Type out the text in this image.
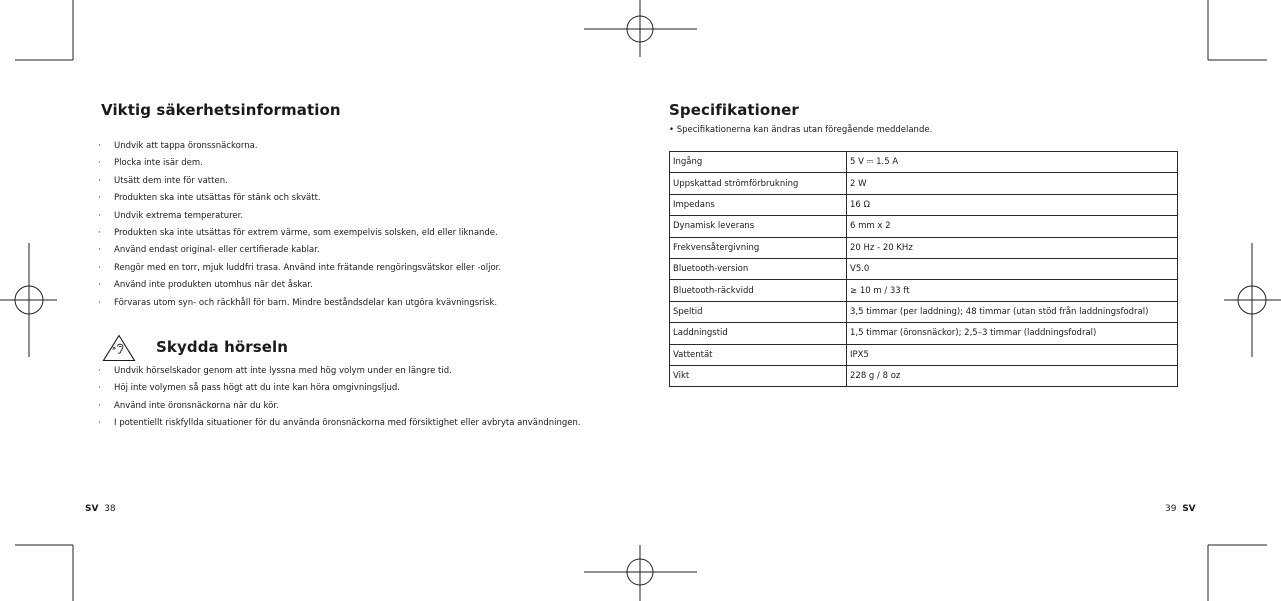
Viktig säkerhetsinformation
· Undvik att tappa öronssnäckorna.
· Plocka inte isär dem.
· Utsätt dem inte för vatten.
· Produkten ska inte utsättas för stänk och skvätt.
· Undvik extrema temperaturer.
· Produkten ska inte utsättas för extrem värme, som exempelvis solsken, eld eller liknande.
· Använd endast original- eller certifierade kablar.
· Rengör med en torr, mjuk luddfri trasa. Använd inte frätande rengöringsvätskor eller -oljor.
· Använd inte produkten utomhus när det åskar.
· Förvaras utom syn- och räckhåll för barn. Mindre beståndsdelar kan utgöra kvävningsrisk.
Skydda hörseln
· Undvik hörselskador genom att inte lyssna med hög volym under en längre tid.
· Höj inte volymen så pass högt att du inte kan höra omgivningsljud.
· Använd inte öronsnäckorna när du kör.
· I potentiellt riskfyllda situationer för du använda öronsnäckorna med försiktighet eller avbryta användningen.
SV 38
Specifikationer
• Specifikationerna kan ändras utan föregående meddelande.
Ingång	5 V ⎓ 1.5 A
Uppskattad strömförbrukning	2 W
Impedans	16 Ω
Dynamisk leverans	6 mm x 2
Frekvensåtergivning	20 Hz - 20 KHz
Bluetooth-version	V5.0
Bluetooth-räckvidd	≥ 10 m / 33 ft
Speltid	3,5 timmar (per laddning); 48 timmar (utan stöd från laddningsfodral)
Laddningstid	1,5 timmar (öronsnäckor); 2,5–3 timmar (laddningsfodral)
Vattentät	IPX5
Vikt	228 g / 8 oz
39 SV
